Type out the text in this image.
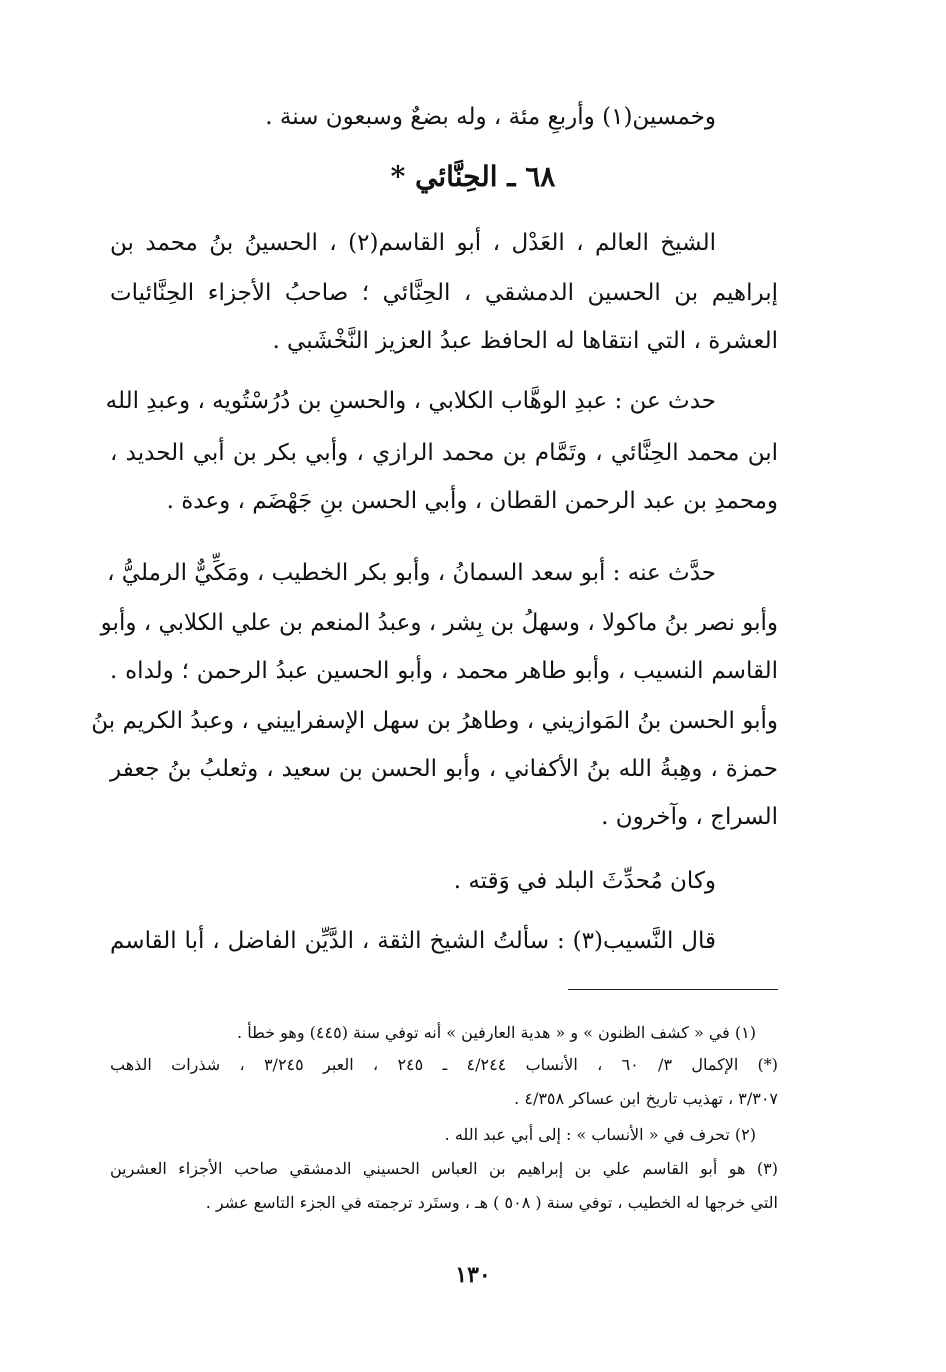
وخمسين(١) وأربعِ مئة ، وله بضعٌ وسبعون سنة .
٦٨ ـ الحِنَّائي *
الشيخ العالم ، العَدْل ، أبو القاسم(٢) ، الحسينُ بنُ محمد بن
إبراهيم بن الحسين الدمشقي ، الحِنَّائي ؛ صاحبُ الأجزاء الحِنَّائيات
العشرة ، التي انتقاها له الحافظ عبدُ العزيز النَّخْشَبي .
حدث عن : عبدِ الوهَّاب الكلابي ، والحسنِ بن دُرُسْتُويه ، وعبدِ الله
ابن محمد الحِنَّائي ، وتَمَّام بن محمد الرازي ، وأبي بكر بن أبي الحديد ،
ومحمدِ بن عبد الرحمن القطان ، وأبي الحسن بنِ جَهْضَم ، وعدة .
حدَّث عنه : أبو سعد السمانُ ، وأبو بكر الخطيب ، ومَكِّيٌّ الرمليُّ ،
وأبو نصر بنُ ماكولا ، وسهلُ بن بِشر ، وعبدُ المنعم بن علي الكلابي ، وأبو
القاسم النسيب ، وأبو طاهر محمد ، وأبو الحسين عبدُ الرحمن ؛ ولداه .
وأبو الحسن بنُ المَوازيني ، وطاهرُ بن سهل الإسفراييني ، وعبدُ الكريم بنُ
حمزة ، وهِبةُ الله بنُ الأكفاني ، وأبو الحسن بن سعيد ، وثعلبُ بنُ جعفر
السراج ، وآخرون .
وكان مُحدِّثَ البلد في وَقته .
قال النَّسيب(٣) : سألتُ الشيخ الثقة ، الدَّيِّن الفاضل ، أبا القاسم
(١) في « كشف الظنون » و « هدية العارفين » أنه توفي سنة (٤٤٥) وهو خطأ .
(*) الإكمال ٣/ ٦٠ ، الأنساب ٤/٢٤٤ ـ ٢٤٥ ، العبر ٣/٢٤٥ ، شذرات الذهب
٣/٣٠٧ ، تهذيب تاريخ ابن عساكر ٤/٣٥٨ .
(٢) تحرف في « الأنساب » : إلى أبي عبد الله .
(٣) هو أبو القاسم علي بن إبراهيم بن العباس الحسيني الدمشقي صاحب الأجزاء العشرين
التي خرجها له الخطيب ، توفي سنة ( ٥٠٨ ) هـ ، وستَرد ترجمته في الجزء التاسع عشر .
١٣٠
